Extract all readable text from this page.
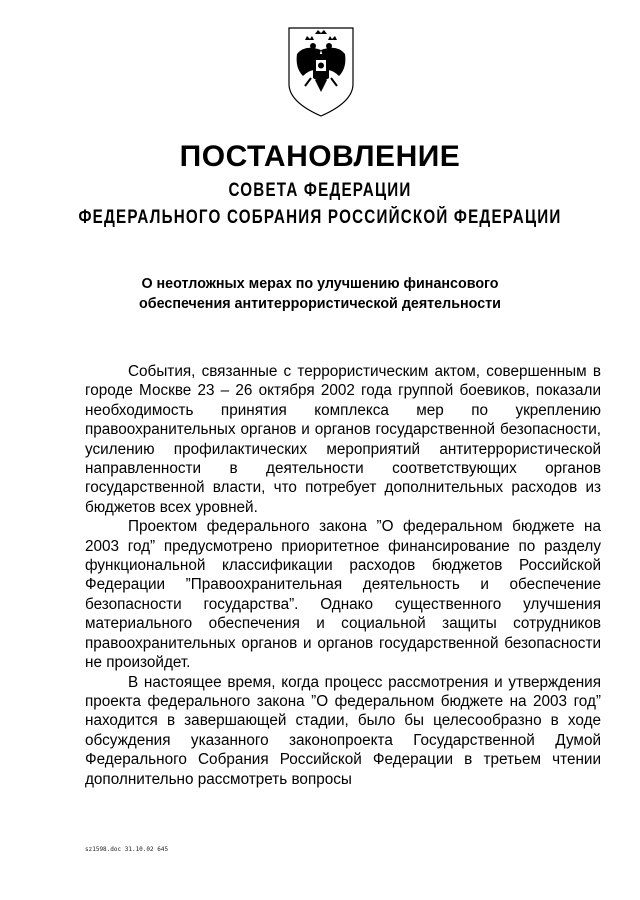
ПОСТАНОВЛЕНИЕ
СОВЕТА ФЕДЕРАЦИИ
ФЕДЕРАЛЬНОГО СОБРАНИЯ РОССИЙСКОЙ ФЕДЕРАЦИИ
О неотложных мерах по улучшению финансового обеспечения антитеррористической деятельности

События, связанные с террористическим актом, совершенным в городе Москве 23 – 26 октября 2002 года группой боевиков, показали необходимость принятия комплекса мер по укреплению правоохранительных органов и органов государственной безопасности, усилению профилактических мероприятий антитеррористической направленности в деятельности соответствующих органов государственной власти, что потребует дополнительных расходов из бюджетов всех уровней.

Проектом федерального закона ”О федеральном бюджете на 2003 год” предусмотрено приоритетное финансирование по разделу функциональной классификации расходов бюджетов Российской Федерации ”Правоохранительная деятельность и обеспечение безопасности государства”. Однако существенного улучшения материального обеспечения и социальной защиты сотрудников правоохранительных органов и органов государственной безопасности не произойдет.

В настоящее время, когда процесс рассмотрения и утверждения проекта федерального закона ”О федеральном бюджете на 2003 год” находится в завершающей стадии, было бы целесообразно в ходе обсуждения указанного законопроекта Государственной Думой Федерального Собрания Российской Федерации в третьем чтении дополнительно рассмотреть вопросы

sz1598.doc 31.10.02 645
